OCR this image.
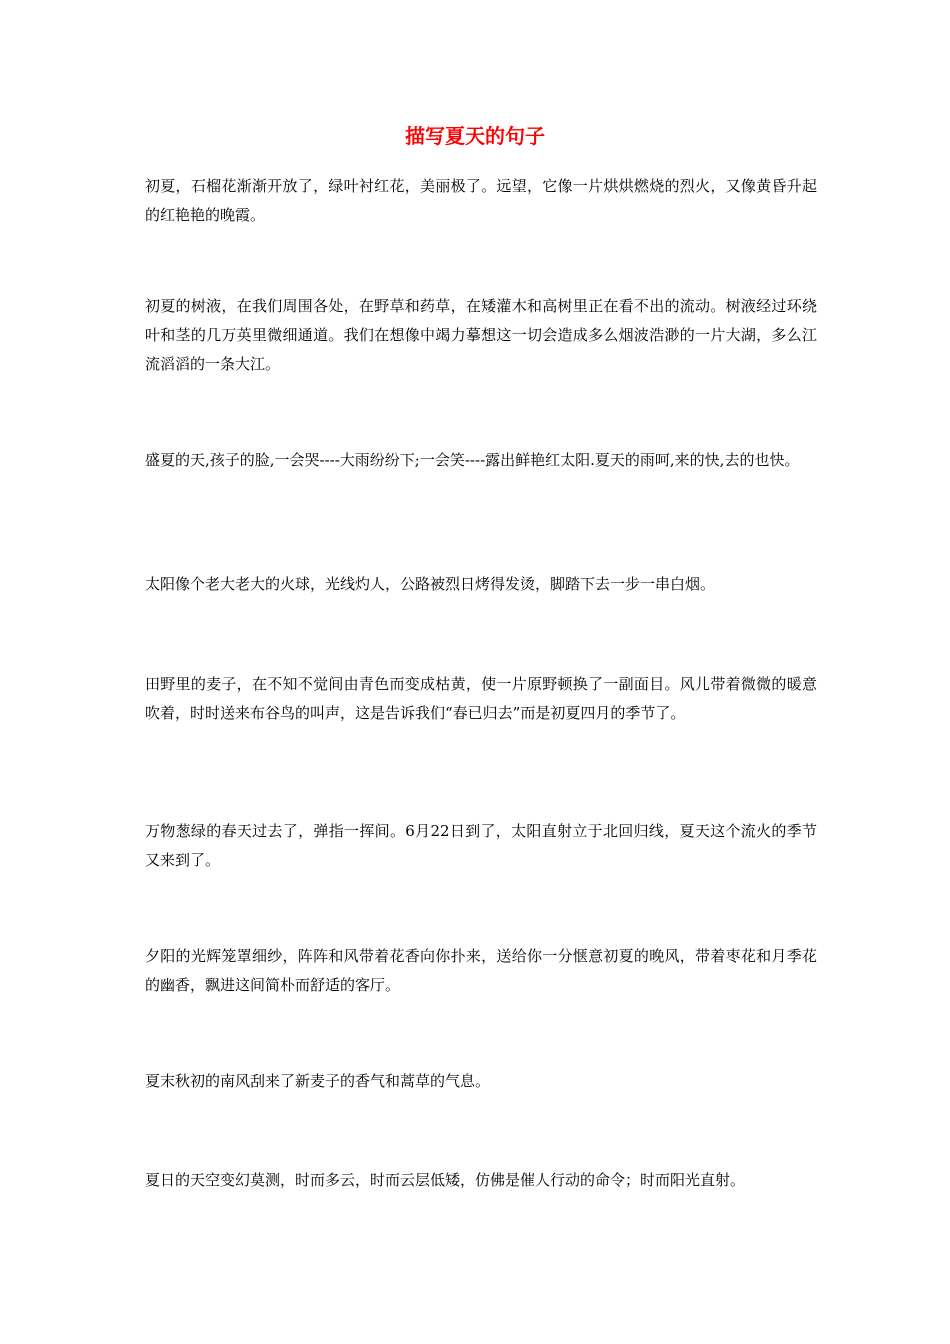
描写夏天的句子

初夏，石榴花渐渐开放了，绿叶衬红花，美丽极了。远望，它像一片烘烘燃烧的烈火，又像黄昏升起的红艳艳的晚霞。

初夏的树液，在我们周围各处，在野草和药草，在矮灌木和高树里正在看不出的流动。树液经过环绕叶和茎的几万英里微细通道。我们在想像中竭力摹想这一切会造成多么烟波浩渺的一片大湖，多么江流滔滔的一条大江。

盛夏的天,孩子的脸,一会哭----大雨纷纷下;一会笑----露出鲜艳红太阳.夏天的雨呵,来的快,去的也快。

太阳像个老大老大的火球，光线灼人，公路被烈日烤得发烫，脚踏下去一步一串白烟。

田野里的麦子，在不知不觉间由青色而变成枯黄，使一片原野顿换了一副面目。风儿带着微微的暖意吹着，时时送来布谷鸟的叫声，这是告诉我们“春已归去”而是初夏四月的季节了。

万物葱绿的春天过去了，弹指一挥间。6月22日到了，太阳直射立于北回归线，夏天这个流火的季节又来到了。

夕阳的光辉笼罩细纱，阵阵和风带着花香向你扑来，送给你一分惬意初夏的晚风，带着枣花和月季花的幽香，飘进这间简朴而舒适的客厅。

夏末秋初的南风刮来了新麦子的香气和蒿草的气息。

夏日的天空变幻莫测，时而多云，时而云层低矮，仿佛是催人行动的命令；时而阳光直射。
